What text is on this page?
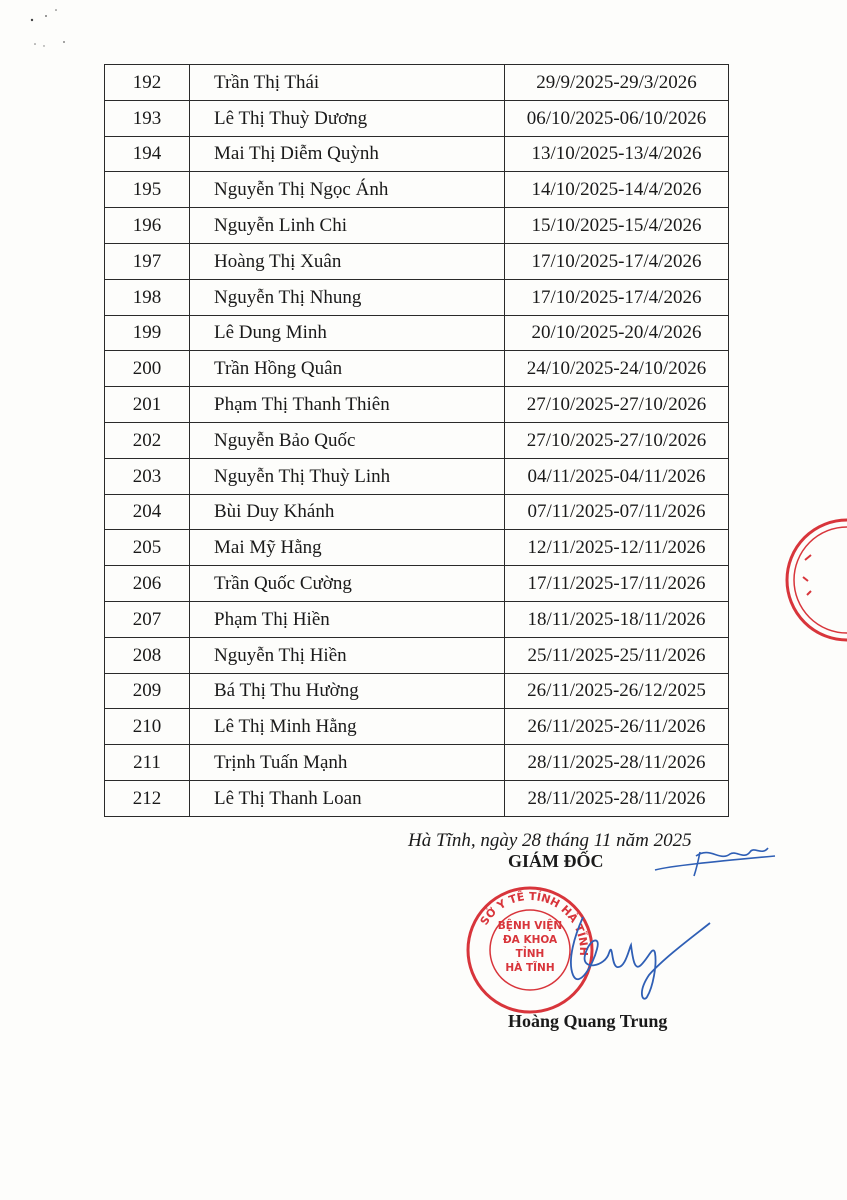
192	Trần Thị Thái	29/9/2025-29/3/2026
193	Lê Thị Thuỳ Dương	06/10/2025-06/10/2026
194	Mai Thị Diễm Quỳnh	13/10/2025-13/4/2026
195	Nguyễn Thị Ngọc Ánh	14/10/2025-14/4/2026
196	Nguyễn Linh Chi	15/10/2025-15/4/2026
197	Hoàng Thị Xuân	17/10/2025-17/4/2026
198	Nguyễn Thị Nhung	17/10/2025-17/4/2026
199	Lê Dung Minh	20/10/2025-20/4/2026
200	Trần Hồng Quân	24/10/2025-24/10/2026
201	Phạm Thị Thanh Thiên	27/10/2025-27/10/2026
202	Nguyễn Bảo Quốc	27/10/2025-27/10/2026
203	Nguyễn Thị Thuỳ Linh	04/11/2025-04/11/2026
204	Bùi Duy Khánh	07/11/2025-07/11/2026
205	Mai Mỹ Hằng	12/11/2025-12/11/2026
206	Trần Quốc Cường	17/11/2025-17/11/2026
207	Phạm Thị Hiền	18/11/2025-18/11/2026
208	Nguyễn Thị Hiền	25/11/2025-25/11/2026
209	Bá Thị Thu Hường	26/11/2025-26/12/2025
210	Lê Thị Minh Hằng	26/11/2025-26/11/2026
211	Trịnh Tuấn Mạnh	28/11/2025-28/11/2026
212	Lê Thị Thanh Loan	28/11/2025-28/11/2026
Hà Tĩnh, ngày 28 tháng 11 năm 2025
GIÁM ĐỐC
SỞ Y TẾ TỈNH HÀ TĨNH
BỆNH VIỆN ĐA KHOA TỈNH HÀ TĨNH
Hoàng Quang Trung
